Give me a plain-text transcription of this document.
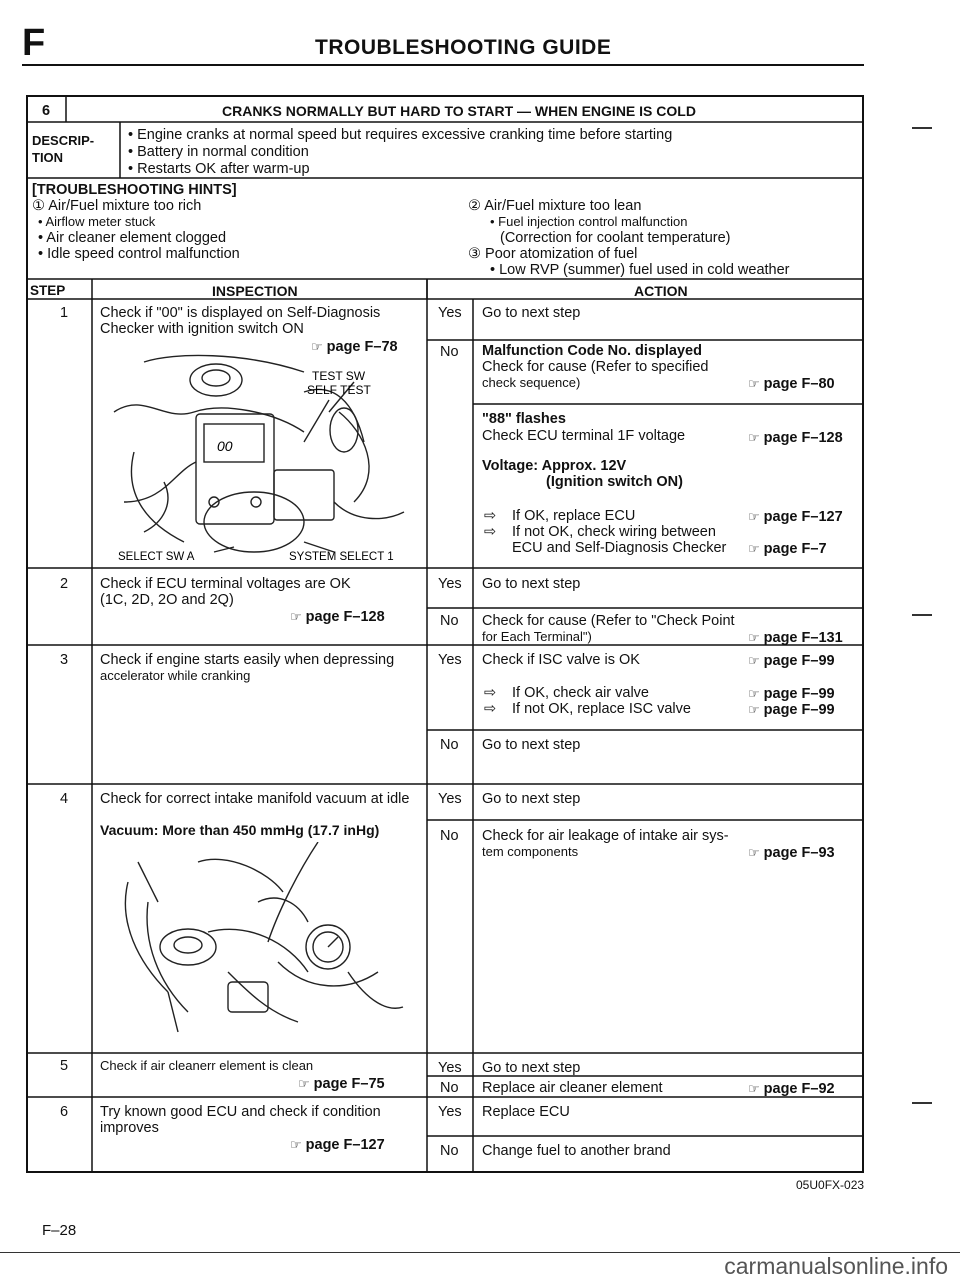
F	TROUBLESHOOTING GUIDE
6	CRANKS NORMALLY BUT HARD TO START — WHEN ENGINE IS COLD
DESCRIP-
TION
• Engine cranks at normal speed but requires excessive cranking time before starting
• Battery in normal condition
• Restarts OK after warm-up
[TROUBLESHOOTING HINTS]
① Air/Fuel mixture too rich
• Airflow meter stuck
• Air cleaner element clogged
• Idle speed control malfunction
② Air/Fuel mixture too lean
• Fuel injection control malfunction
(Correction for coolant temperature)
③ Poor atomization of fuel
• Low RVP (summer) fuel used in cold weather
STEP	INSPECTION	ACTION
1 Check if "00" is displayed on Self-Diagnosis
Checker with ignition switch ON
☞ page F–78
00
TEST SW
SELF TEST
SELECT SW A	SYSTEM SELECT 1
Yes Go to next step
No Malfunction Code No. displayed
Check for cause (Refer to specified
check sequence)	☞ page F–80
"88" flashes
Check ECU terminal 1F voltage	☞ page F–128
Voltage: Approx. 12V
(Ignition switch ON)
⇨ If OK, replace ECU	☞ page F–127
⇨ If not OK, check wiring between
ECU and Self-Diagnosis Checker ☞ page F–7
2 Check if ECU terminal voltages are OK
(1C, 2D, 2O and 2Q)
☞ page F–128
Yes Go to next step
No Check for cause (Refer to "Check Point
for Each Terminal")	☞ page F–131
3 Check if engine starts easily when depressing
accelerator while cranking
Yes Check if ISC valve is OK	☞ page F–99
⇨ If OK, check air valve	☞ page F–99
⇨ If not OK, replace ISC valve	☞ page F–99
No Go to next step
4 Check for correct intake manifold vacuum at idle
Vacuum: More than 450 mmHg (17.7 inHg)
Yes Go to next step
No Check for air leakage of intake air sys-
tem components	☞ page F–93
5 Check if air cleanerr element is clean
☞ page F–75
Yes Go to next step
No Replace air cleaner element	☞ page F–92
6 Try known good ECU and check if condition
improves
☞ page F–127
Yes Replace ECU
No Change fuel to another brand
05U0FX-023
F–28
carmanualsonline.info
